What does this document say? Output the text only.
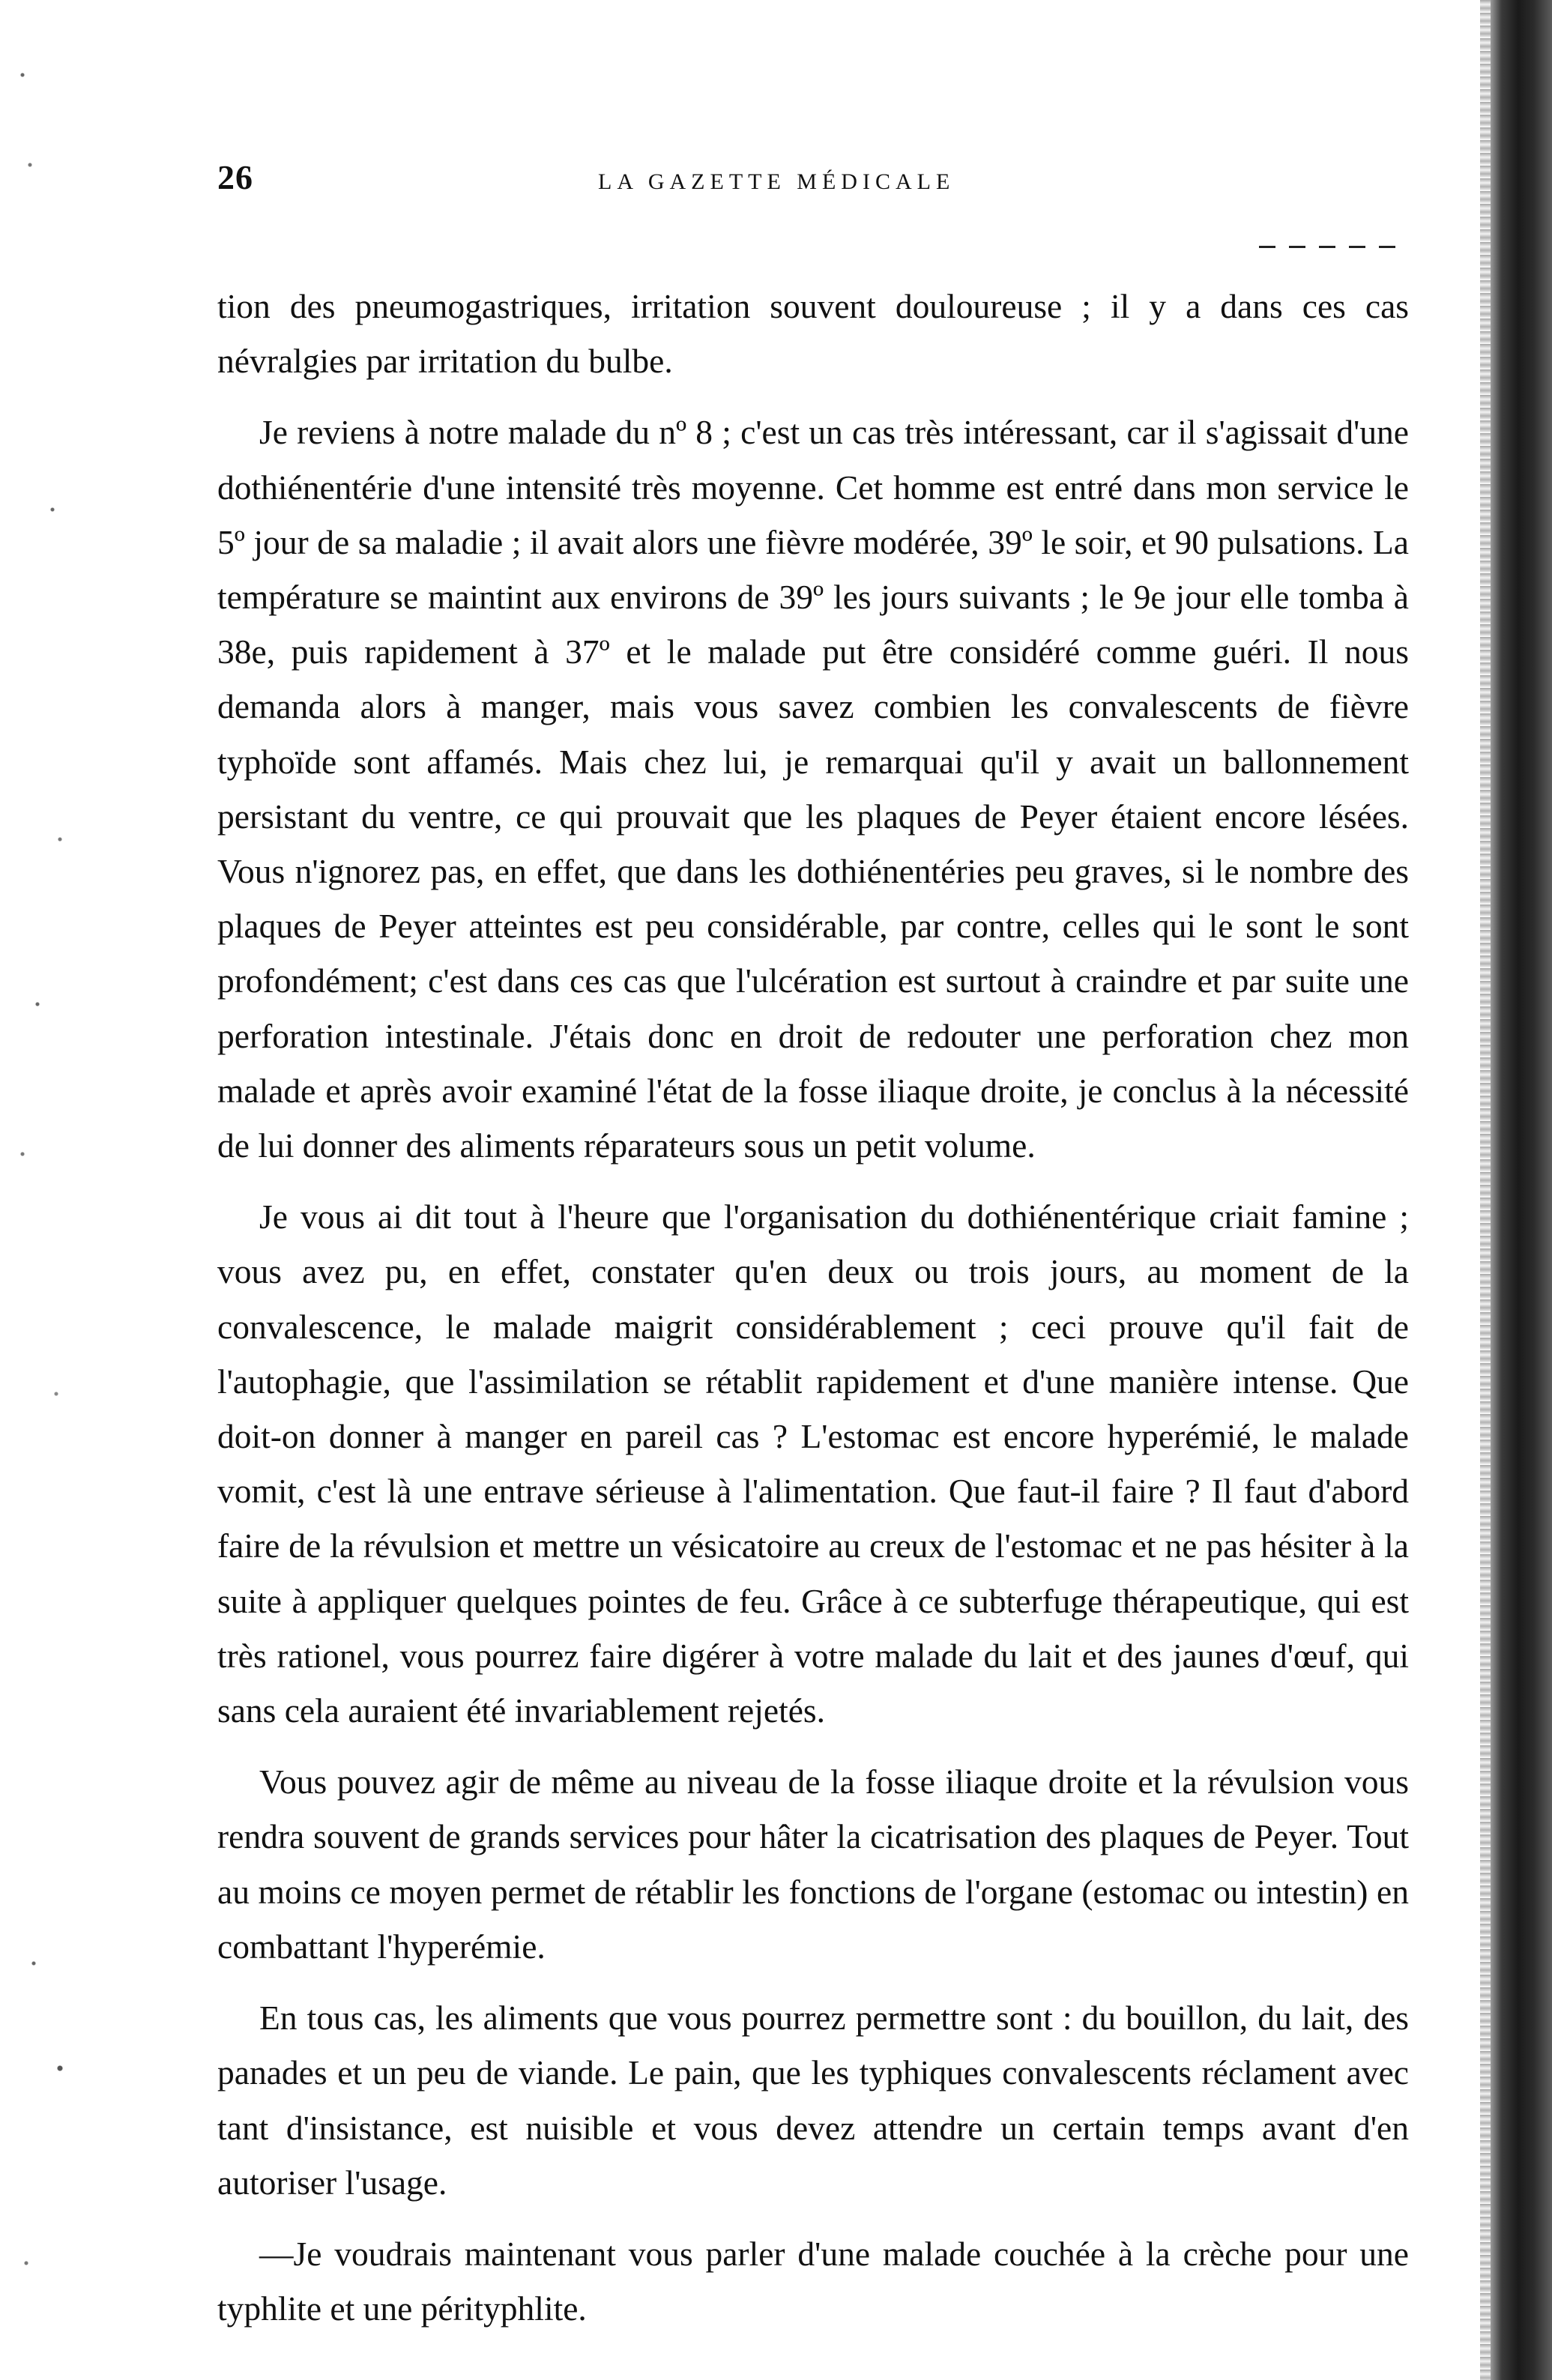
26	LA GAZETTE MÉDICALE

tion des pneumogastriques, irritation souvent douloureuse ; il y a dans ces cas névralgies par irritation du bulbe.

Je reviens à notre malade du nº 8 ; c'est un cas très intéressant, car il s'agissait d'une dothiénentérie d'une intensité très moyenne. Cet homme est entré dans mon service le 5º jour de sa maladie ; il avait alors une fièvre modérée, 39º le soir, et 90 pulsations. La température se maintint aux environs de 39º les jours suivants ; le 9e jour elle tomba à 38e, puis rapidement à 37º et le malade put être considéré comme guéri. Il nous demanda alors à manger, mais vous savez combien les convalescents de fièvre typhoïde sont affamés. Mais chez lui, je remarquai qu'il y avait un ballonnement persistant du ventre, ce qui prouvait que les plaques de Peyer étaient encore lésées. Vous n'ignorez pas, en effet, que dans les dothiénentéries peu graves, si le nombre des plaques de Peyer atteintes est peu considérable, par contre, celles qui le sont le sont profondément; c'est dans ces cas que l'ulcération est surtout à craindre et par suite une perforation intestinale. J'étais donc en droit de redouter une perforation chez mon malade et après avoir examiné l'état de la fosse iliaque droite, je conclus à la nécessité de lui donner des aliments réparateurs sous un petit volume.

Je vous ai dit tout à l'heure que l'organisation du dothiénentérique criait famine ; vous avez pu, en effet, constater qu'en deux ou trois jours, au moment de la convalescence, le malade maigrit considérablement ; ceci prouve qu'il fait de l'autophagie, que l'assimilation se rétablit rapidement et d'une manière intense. Que doit-on donner à manger en pareil cas ? L'estomac est encore hyperémié, le malade vomit, c'est là une entrave sérieuse à l'alimentation. Que faut-il faire ? Il faut d'abord faire de la révulsion et mettre un vésicatoire au creux de l'estomac et ne pas hésiter à la suite à appliquer quelques pointes de feu. Grâce à ce subterfuge thérapeutique, qui est très rationel, vous pourrez faire digérer à votre malade du lait et des jaunes d'œuf, qui sans cela auraient été invariablement rejetés.

Vous pouvez agir de même au niveau de la fosse iliaque droite et la révulsion vous rendra souvent de grands services pour hâter la cicatrisation des plaques de Peyer. Tout au moins ce moyen permet de rétablir les fonctions de l'organe (estomac ou intestin) en combattant l'hyperémie.

En tous cas, les aliments que vous pourrez permettre sont : du bouillon, du lait, des panades et un peu de viande. Le pain, que les typhiques convalescents réclament avec tant d'insistance, est nuisible et vous devez attendre un certain temps avant d'en autoriser l'usage.

—Je voudrais maintenant vous parler d'une malade couchée à la crèche pour une typhlite et une pérityphlite.
